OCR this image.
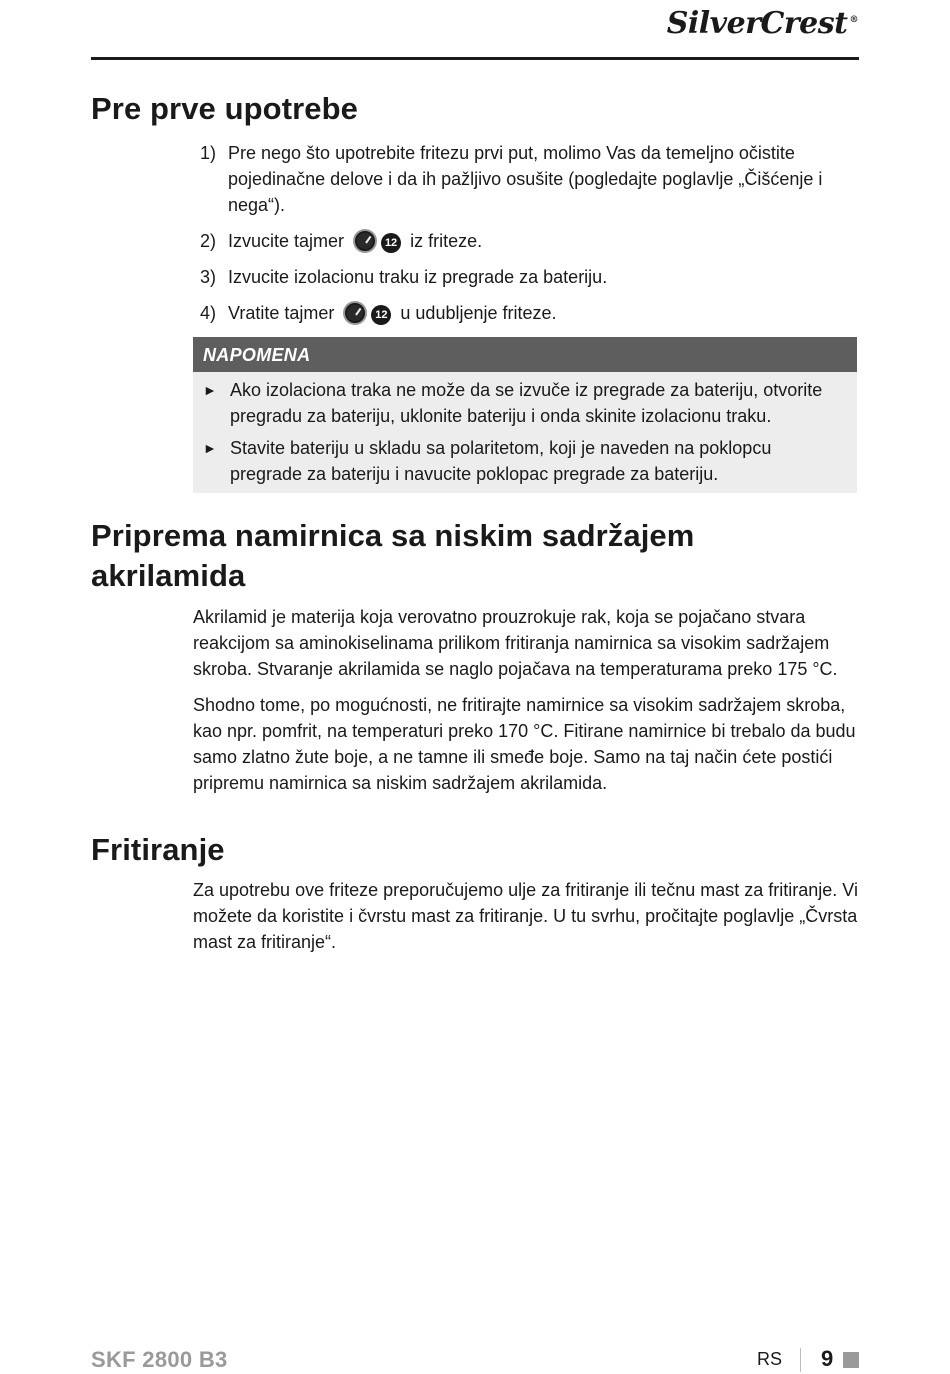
SilverCrest ®
Pre prve upotrebe
1) Pre nego što upotrebite fritezu prvi put, molimo Vas da temeljno očistite pojedinačne delove i da ih pažljivo osušite (pogledajte poglavlje „Čišćenje i nega“).
2) Izvucite tajmer	12 iz friteze.
3) Izvucite izolacionu traku iz pregrade za bateriju.
4) Vratite tajmer	12 u udubljenje friteze.
NAPOMENA
► Ako izolaciona traka ne može da se izvuče iz pregrade za bateriju, otvorite pregradu za bateriju, uklonite bateriju i onda skinite izolacionu traku.
► Stavite bateriju u skladu sa polaritetom, koji je naveden na poklopcu pregrade za bateriju i navucite poklopac pregrade za bateriju.
Priprema namirnica sa niskim sadržajem
akrilamida

Akrilamid je materija koja verovatno prouzrokuje rak, koja se pojačano stvara reakcijom sa aminokiselinama prilikom fritiranja namirnica sa visokim sadržajem skroba. Stvaranje akrilamida se naglo pojačava na temperaturama preko 175 °C.

Shodno tome, po mogućnosti, ne fritirajte namirnice sa visokim sadržajem skroba, kao npr. pomfrit, na temperaturi preko 170 °C. Fitirane namirnice bi trebalo da budu samo zlatno žute boje, a ne tamne ili smeđe boje. Samo na taj način ćete postići pripremu namirnica sa niskim sadržajem akrilamida.

Fritiranje

Za upotrebu ove friteze preporučujemo ulje za fritiranje ili tečnu mast za fritiranje. Vi možete da koristite i čvrstu mast za fritiranje. U tu svrhu, pročitajte poglavlje „Čvrsta mast za fritiranje“.

SKF 2800 B3	RS 9
